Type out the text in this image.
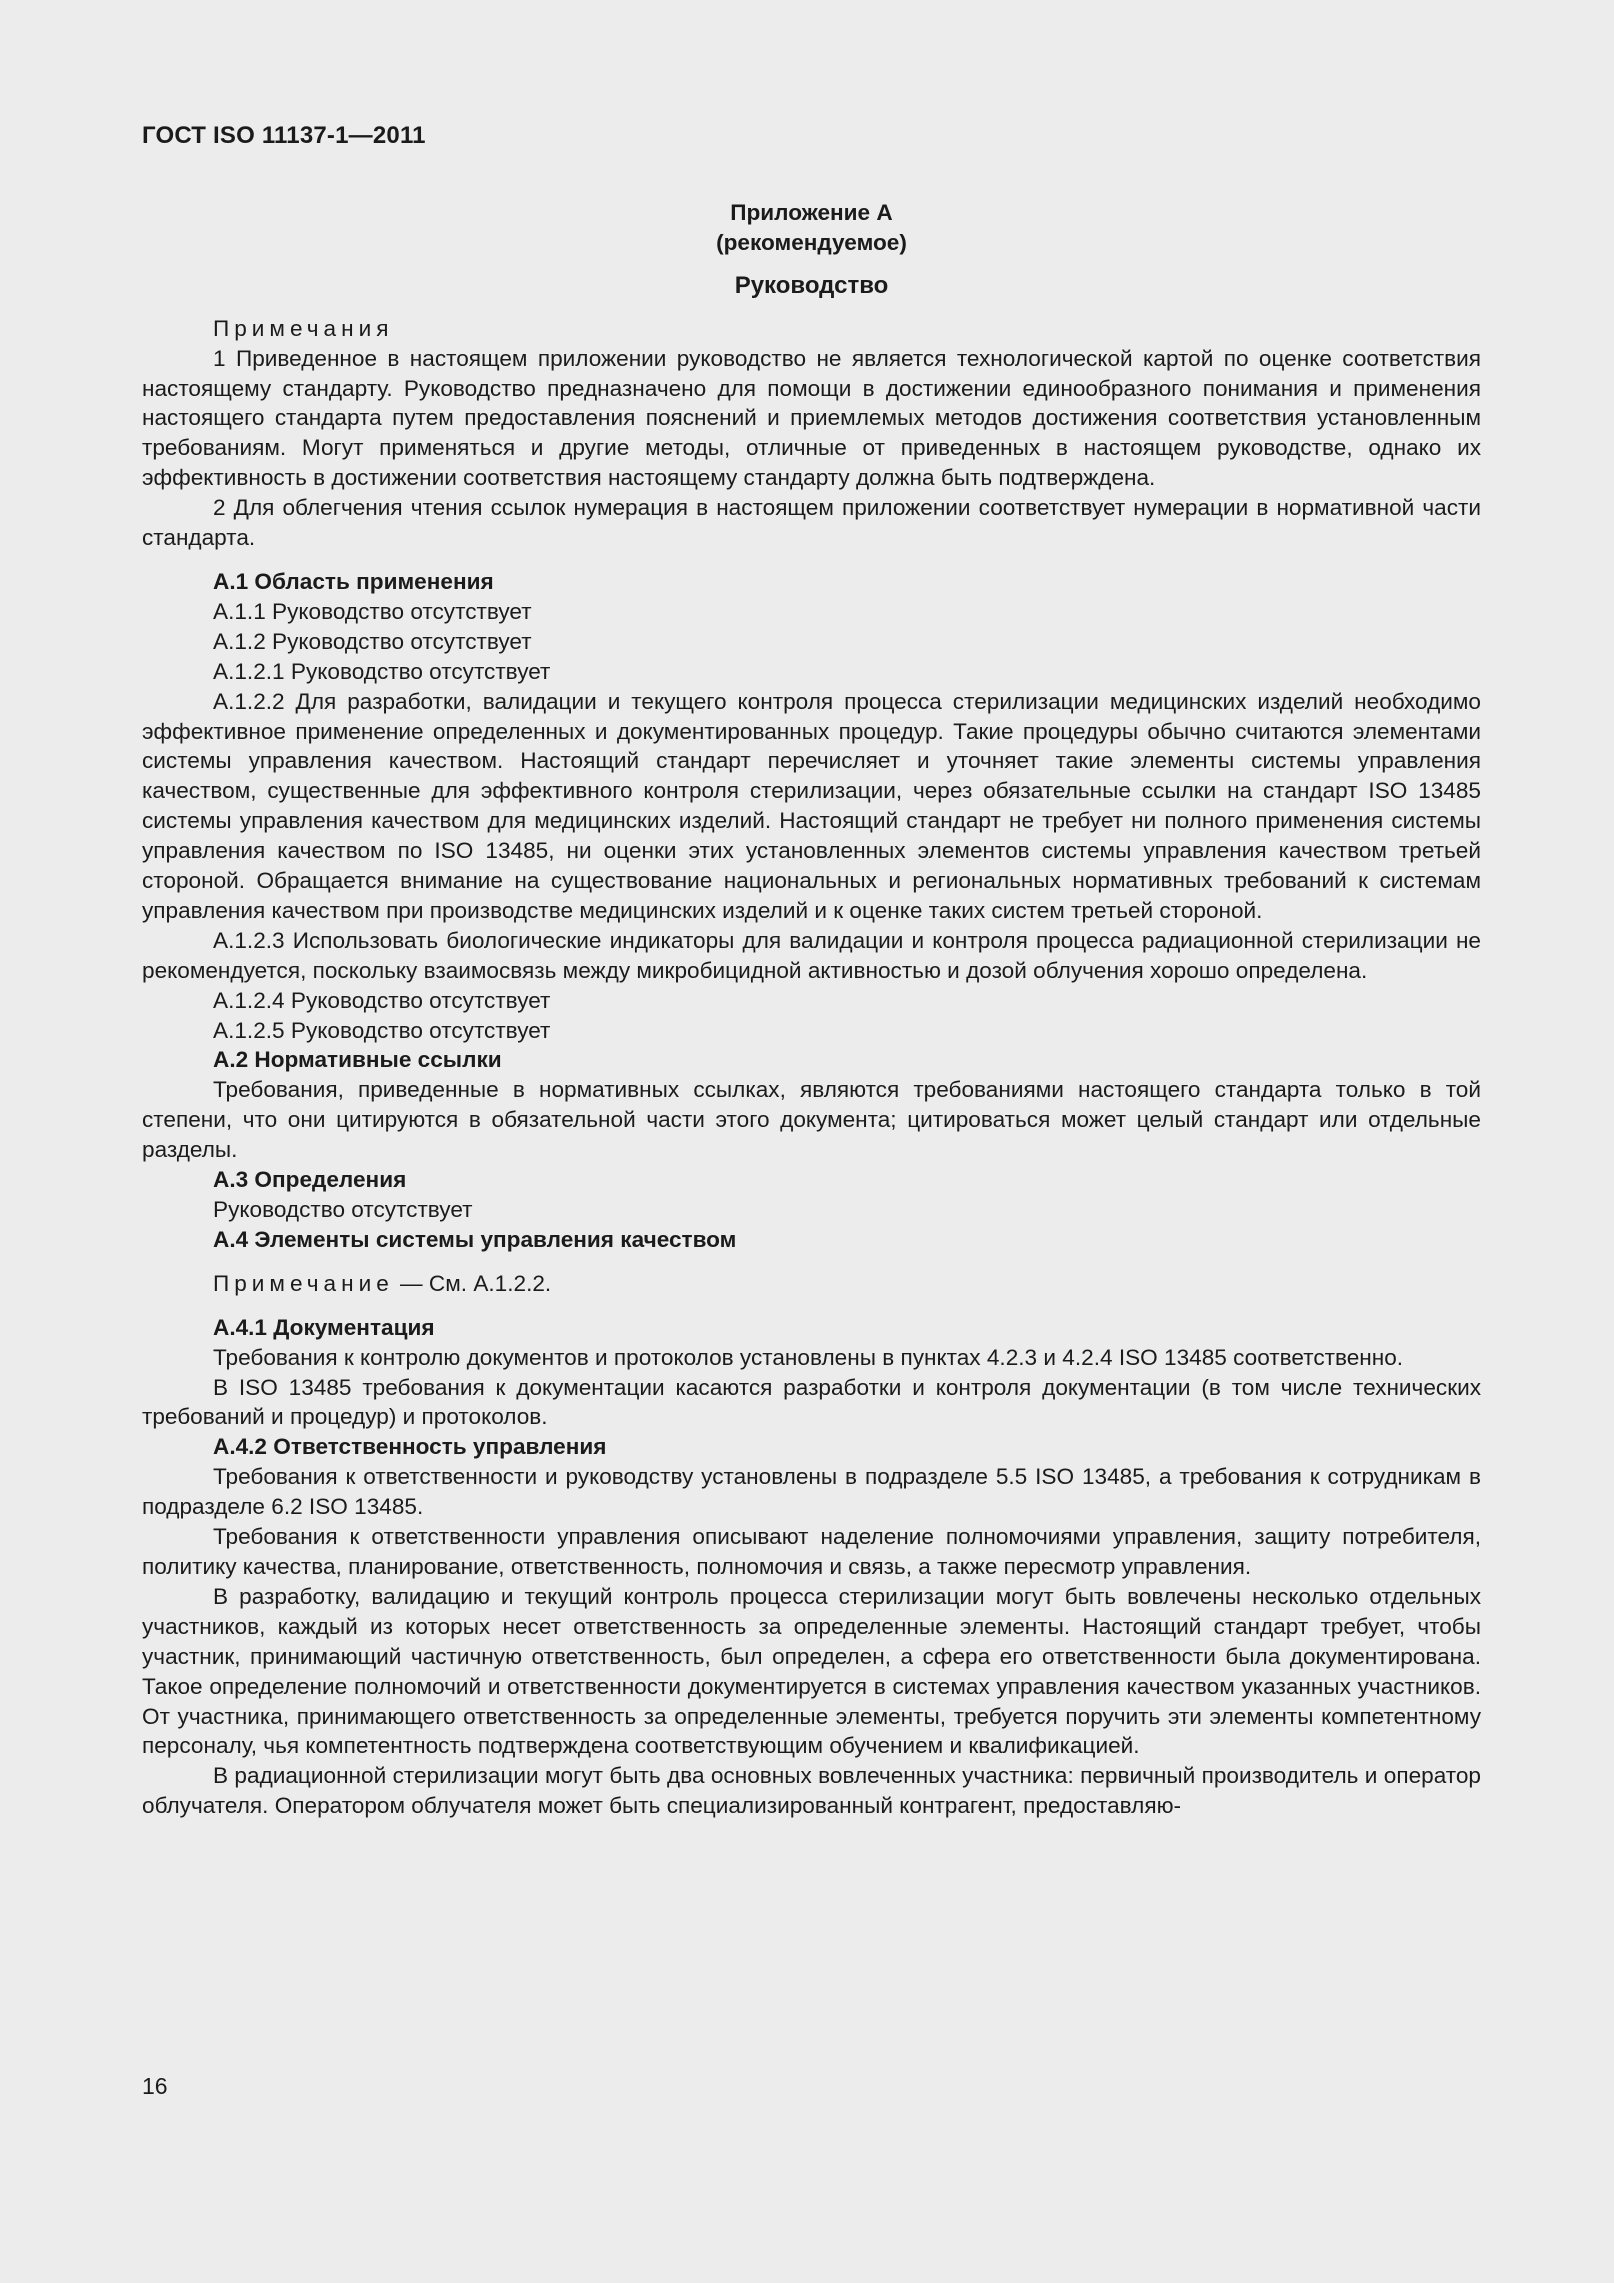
ГОСТ ISO 11137-1—2011
Приложение А
(рекомендуемое)
Руководство

Примечания

1 Приведенное в настоящем приложении руководство не является технологической картой по оценке соответствия настоящему стандарту. Руководство предназначено для помощи в достижении единообразного понимания и применения настоящего стандарта путем предоставления пояснений и приемлемых методов достижения соответствия установленным требованиям. Могут применяться и другие методы, отличные от приведенных в настоящем руководстве, однако их эффективность в достижении соответствия настоящему стандарту должна быть подтверждена.

2 Для облегчения чтения ссылок нумерация в настоящем приложении соответствует нумерации в нормативной части стандарта.

А.1 Область применения

А.1.1 Руководство отсутствует

А.1.2 Руководство отсутствует

А.1.2.1 Руководство отсутствует

А.1.2.2 Для разработки, валидации и текущего контроля процесса стерилизации медицинских изделий необходимо эффективное применение определенных и документированных процедур. Такие процедуры обычно считаются элементами системы управления качеством. Настоящий стандарт перечисляет и уточняет такие элементы системы управления качеством, существенные для эффективного контроля стерилизации, через обязательные ссылки на стандарт ISO 13485 системы управления качеством для медицинских изделий. Настоящий стандарт не требует ни полного применения системы управления качеством по ISO 13485, ни оценки этих установленных элементов системы управления качеством третьей стороной. Обращается внимание на существование национальных и региональных нормативных требований к системам управления качеством при производстве медицинских изделий и к оценке таких систем третьей стороной.

А.1.2.3 Использовать биологические индикаторы для валидации и контроля процесса радиационной стерилизации не рекомендуется, поскольку взаимосвязь между микробицидной активностью и дозой облучения хорошо определена.

А.1.2.4 Руководство отсутствует

А.1.2.5 Руководство отсутствует

А.2 Нормативные ссылки

Требования, приведенные в нормативных ссылках, являются требованиями настоящего стандарта только в той степени, что они цитируются в обязательной части этого документа; цитироваться может целый стандарт или отдельные разделы.

А.3 Определения

Руководство отсутствует

А.4 Элементы системы управления качеством

Примечание — См. А.1.2.2.

А.4.1 Документация

Требования к контролю документов и протоколов установлены в пунктах 4.2.3 и 4.2.4 ISO 13485 соответственно.

В ISO 13485 требования к документации касаются разработки и контроля документации (в том числе технических требований и процедур) и протоколов.

А.4.2 Ответственность управления

Требования к ответственности и руководству установлены в подразделе 5.5 ISO 13485, а требования к сотрудникам в подразделе 6.2 ISO 13485.

Требования к ответственности управления описывают наделение полномочиями управления, защиту потребителя, политику качества, планирование, ответственность, полномочия и связь, а также пересмотр управления.

В разработку, валидацию и текущий контроль процесса стерилизации могут быть вовлечены несколько отдельных участников, каждый из которых несет ответственность за определенные элементы. Настоящий стандарт требует, чтобы участник, принимающий частичную ответственность, был определен, а сфера его ответственности была документирована. Такое определение полномочий и ответственности документируется в системах управления качеством указанных участников. От участника, принимающего ответственность за определенные элементы, требуется поручить эти элементы компетентному персоналу, чья компетентность подтверждена соответствующим обучением и квалификацией.

В радиационной стерилизации могут быть два основных вовлеченных участника: первичный производитель и оператор облучателя. Оператором облучателя может быть специализированный контрагент, предоставляю-

16
